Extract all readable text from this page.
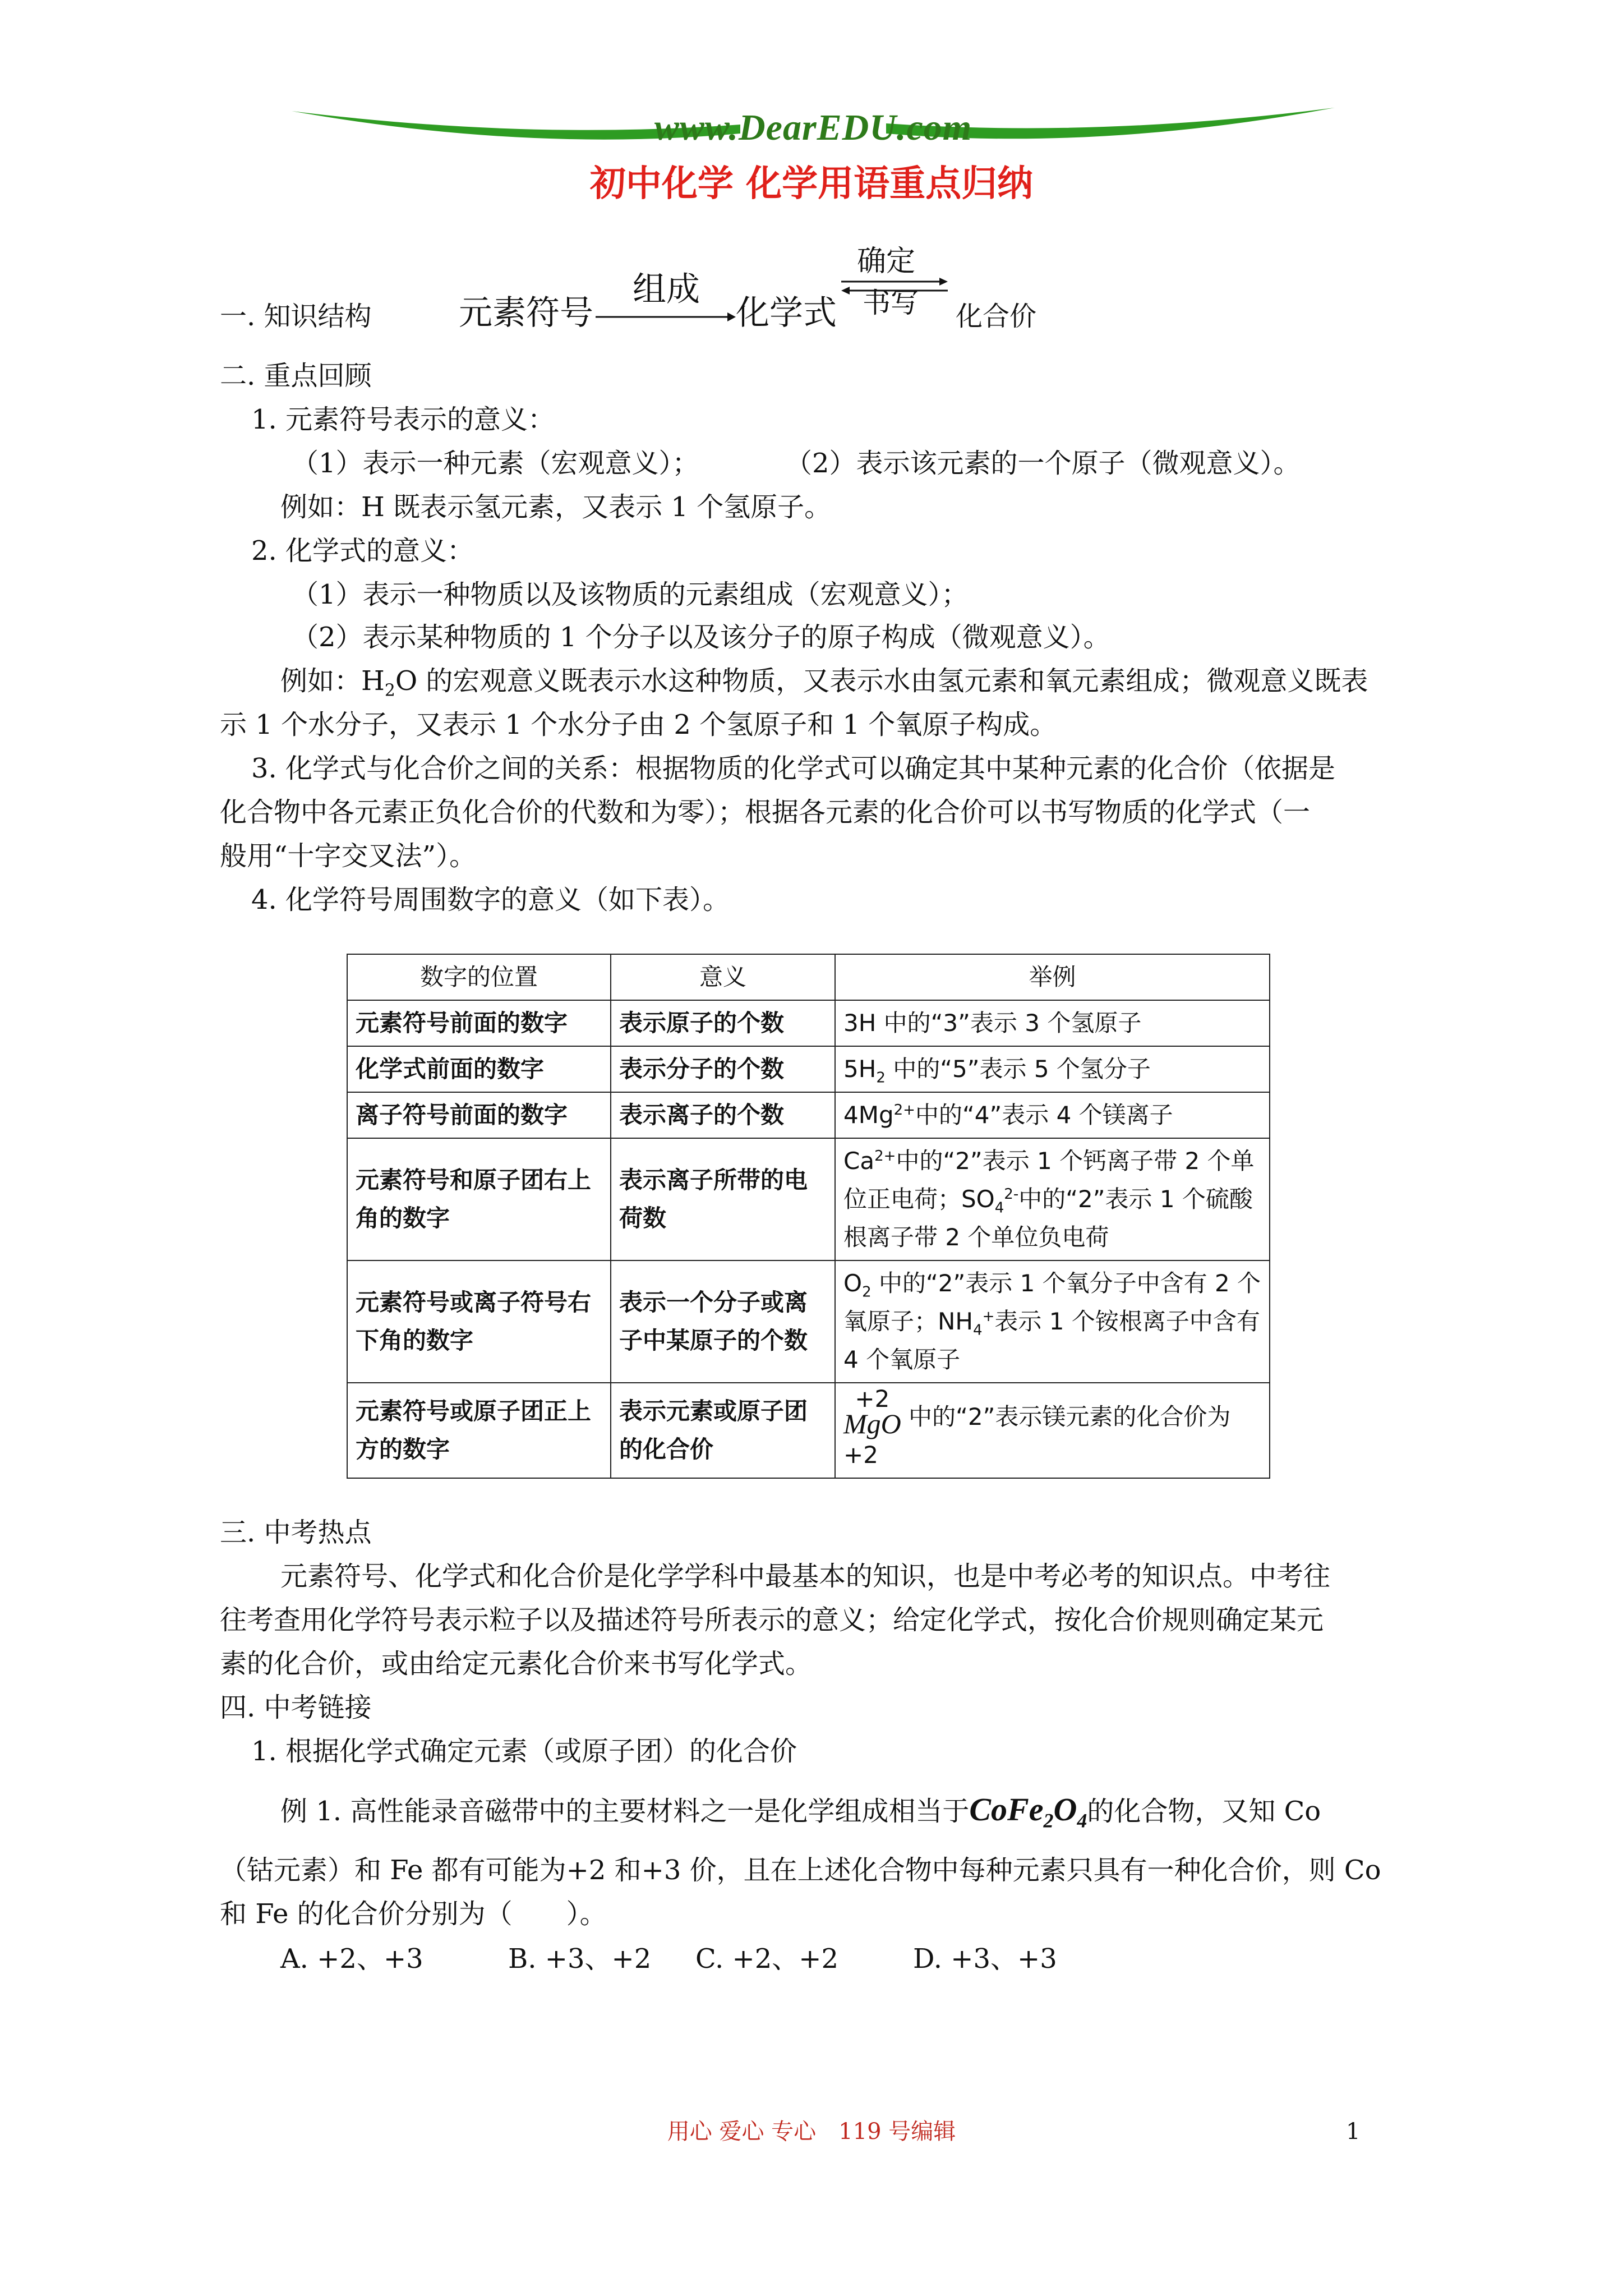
www.DearEDU.com
初中化学 化学用语重点归纳
一. 知识结构	元素符号
组成
化学式
确定
书写 化合价
二. 重点回顾
1. 元素符号表示的意义：
（1）表示一种元素（宏观意义）；	（2）表示该元素的一个原子（微观意义）。
例如：H 既表示氢元素，又表示 1 个氢原子。
2. 化学式的意义：
（1）表示一种物质以及该物质的元素组成（宏观意义）；
（2）表示某种物质的 1 个分子以及该分子的原子构成（微观意义）。
例如：$H_2O$ 的宏观意义既表示水这种物质，又表示水由氢元素和氧元素组成；微观意义既表
示 1 个水分子，又表示 1 个水分子由 2 个氢原子和 1 个氧原子构成。
3. 化学式与化合价之间的关系：根据物质的化学式可以确定其中某种元素的化合价（依据是
化合物中各元素正负化合价的代数和为零）；根据各元素的化合价可以书写物质的化学式（一
般用“十字交叉法”）。
4. 化学符号周围数字的意义（如下表）。
数字的位置	意义	举例
元素符号前面的数字	表示原子的个数	3H 中的“3”表示 3 个氢原子
化学式前面的数字	表示分子的个数	$5H_2$ 中的“5”表示 5 个氢分子
离子符号前面的数字	表示离子的个数	$4Mg^{2+}$中的“4”表示 4 个镁离子
元素符号和原子团右上角的数字	表示离子所带的电荷数	$Ca^{2+}$中的“2”表示 1 个钙离子带 2 个单位正电荷；$SO_4^{2-}$中的“2”表示 1 个硫酸根离子带 2 个单位负电荷
元素符号或离子符号右下角的数字	表示一个分子或离子中某原子的个数	$O_2$ 中的“2”表示 1 个氧分子中含有 2 个氧原子；$NH_4^+$表示 1 个铵根离子中含有 4 个氧原子
元素符号或原子团正上方的数字	表示元素或原子团的化合价	+2
MgO 中的“2”表示镁元素的化合价为+2
三. 中考热点
元素符号、化学式和化合价是化学学科中最基本的知识，也是中考必考的知识点。中考往
往考查用化学符号表示粒子以及描述符号所表示的意义；给定化学式，按化合价规则确定某元
素的化合价，或由给定元素化合价来书写化学式。
四. 中考链接
1. 根据化学式确定元素（或原子团）的化合价
例 1. 高性能录音磁带中的主要材料之一是化学组成相当于$CoFe_2O_4$的化合物，又知 Co
（钴元素）和 Fe 都有可能为+2 和+3 价，且在上述化合物中每种元素只具有一种化合价，则 Co
和 Fe 的化合价分别为（　　）。
A. +2、+3	B. +3、+2 C. +2、+2	D. +3、+3
用心 爱心 专心　119 号编辑	1
